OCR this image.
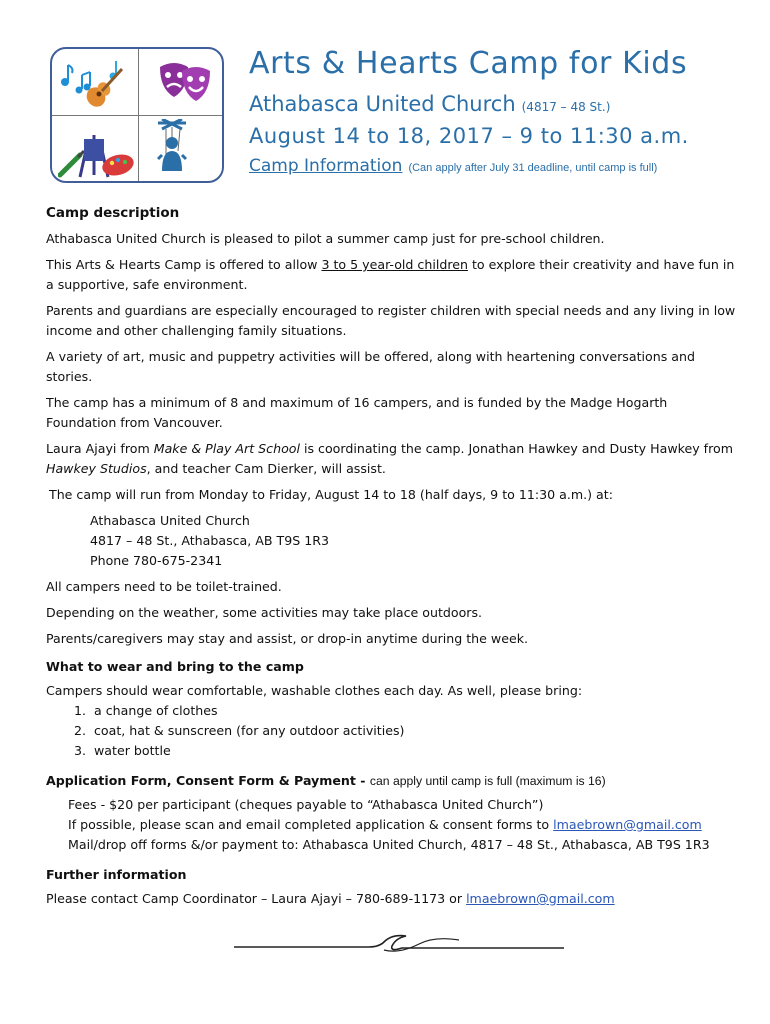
Arts & Hearts Camp for Kids
Athabasca United Church (4817 – 48 St.)
August 14 to 18, 2017 – 9 to 11:30 a.m.
Camp Information (Can apply after July 31 deadline, until camp is full)
Camp description

Athabasca United Church is pleased to pilot a summer camp just for pre-school children.

This Arts & Hearts Camp is offered to allow 3 to 5 year-old children to explore their creativity and have fun in a supportive, safe environment.

Parents and guardians are especially encouraged to register children with special needs and any living in low income and other challenging family situations.

A variety of art, music and puppetry activities will be offered, along with heartening conversations and stories.

The camp has a minimum of 8 and maximum of 16 campers, and is funded by the Madge Hogarth Foundation from Vancouver.

Laura Ajayi from Make & Play Art School is coordinating the camp. Jonathan Hawkey and Dusty Hawkey from Hawkey Studios, and teacher Cam Dierker, will assist.

The camp will run from Monday to Friday, August 14 to 18 (half days, 9 to 11:30 a.m.) at:

Athabasca United Church
4817 – 48 St., Athabasca, AB T9S 1R3
Phone 780-675-2341

All campers need to be toilet-trained.

Depending on the weather, some activities may take place outdoors.

Parents/caregivers may stay and assist, or drop-in anytime during the week.

What to wear and bring to the camp
Campers should wear comfortable, washable clothes each day. As well, please bring:
1. a change of clothes
2. coat, hat & sunscreen (for any outdoor activities)
3. water bottle
Application Form, Consent Form & Payment - can apply until camp is full (maximum is 16)
Fees - $20 per participant (cheques payable to “Athabasca United Church”)
If possible, please scan and email completed application & consent forms to lmaebrown@gmail.com
Mail/drop off forms &/or payment to: Athabasca United Church, 4817 – 48 St., Athabasca, AB T9S 1R3
Further information
Please contact Camp Coordinator – Laura Ajayi – 780-689-1173 or lmaebrown@gmail.com
